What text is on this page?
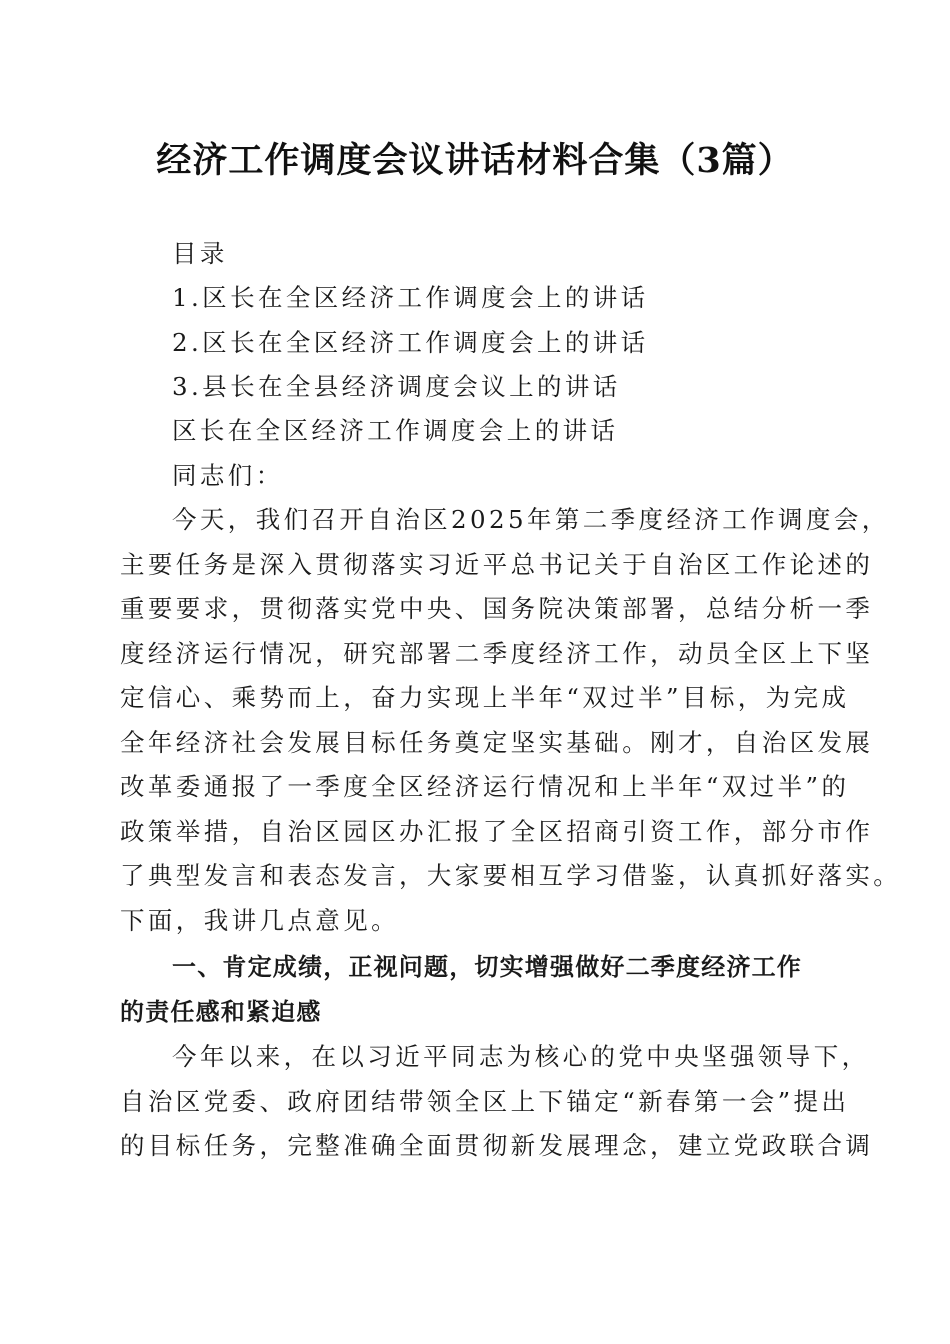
经济工作调度会议讲话材料合集（3篇）
目录
1.区长在全区经济工作调度会上的讲话
2.区长在全区经济工作调度会上的讲话
3.县长在全县经济调度会议上的讲话
区长在全区经济工作调度会上的讲话
同志们：
今天，我们召开自治区2025年第二季度经济工作调度会，
主要任务是深入贯彻落实习近平总书记关于自治区工作论述的
重要要求，贯彻落实党中央、国务院决策部署，总结分析一季
度经济运行情况，研究部署二季度经济工作，动员全区上下坚
定信心、乘势而上，奋力实现上半年“双过半”目标，为完成
全年经济社会发展目标任务奠定坚实基础。刚才，自治区发展
改革委通报了一季度全区经济运行情况和上半年“双过半”的
政策举措，自治区园区办汇报了全区招商引资工作，部分市作
了典型发言和表态发言，大家要相互学习借鉴，认真抓好落实。
下面，我讲几点意见。
一、肯定成绩，正视问题，切实增强做好二季度经济工作
的责任感和紧迫感
今年以来，在以习近平同志为核心的党中央坚强领导下，
自治区党委、政府团结带领全区上下锚定“新春第一会”提出
的目标任务，完整准确全面贯彻新发展理念，建立党政联合调
